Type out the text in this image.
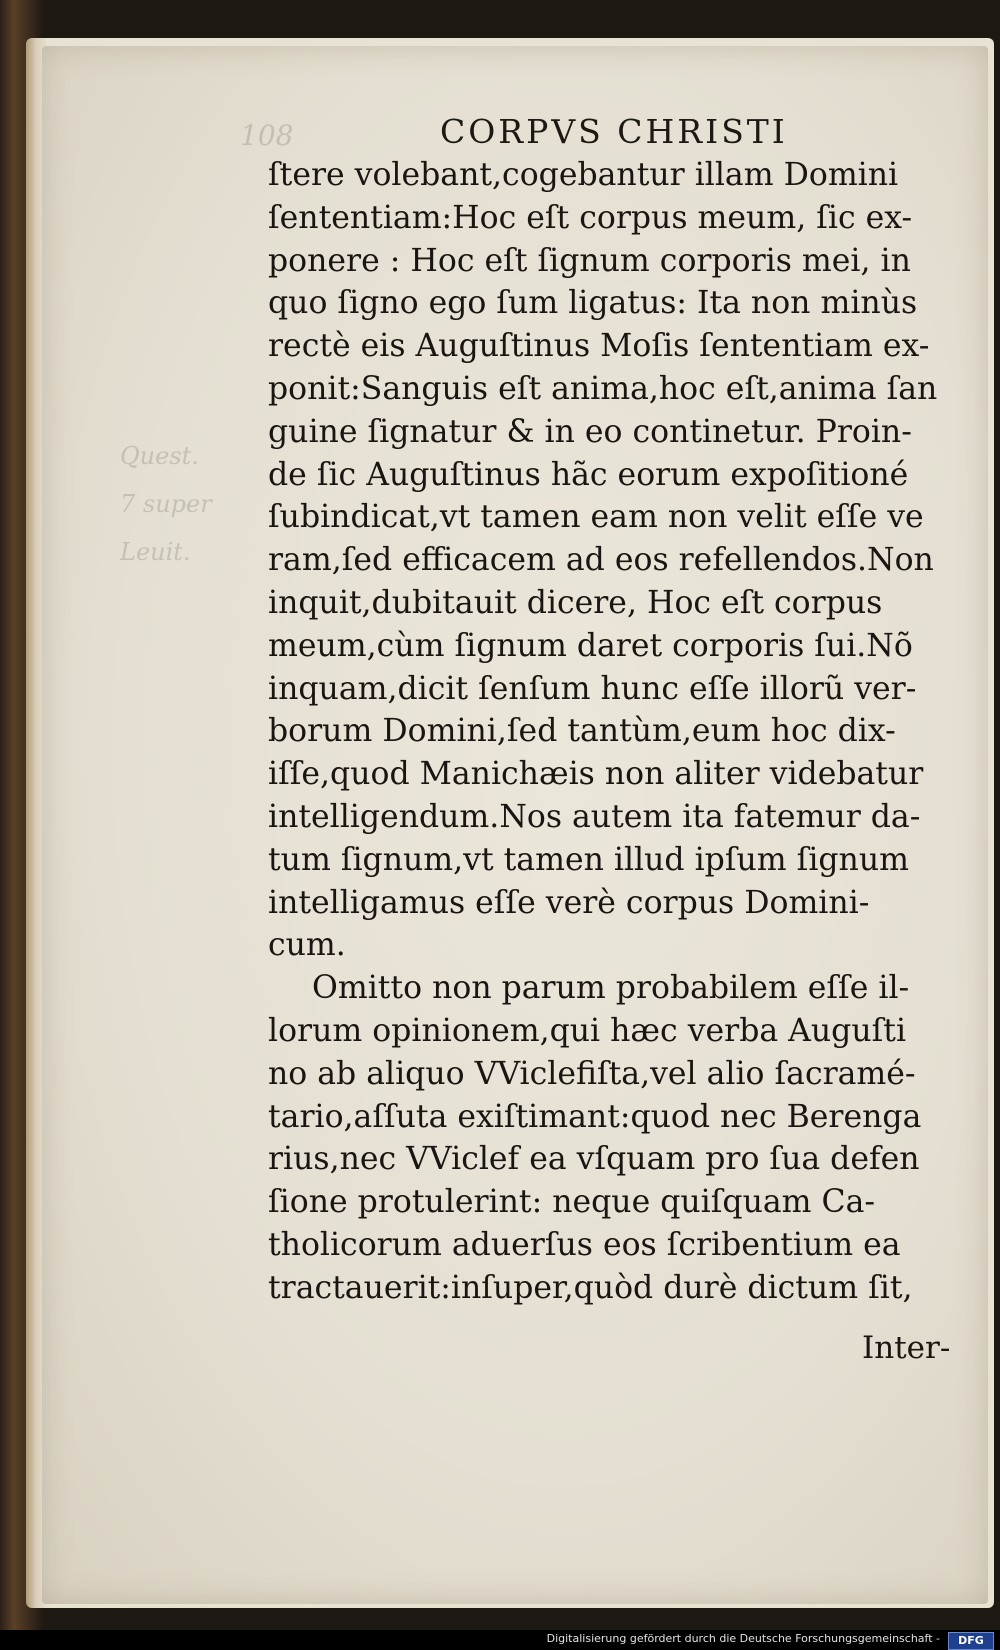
108
Quest.
7 super
Leuit.
CORPVS CHRISTI
ſtere volebant,cogebantur illam Domini
ſententiam:Hoc eſt corpus meum, ſic ex-
ponere : Hoc eſt ſignum corporis mei, in
quo ſigno ego ſum ligatus: Ita non minùs
rectè eis Auguſtinus Moſis ſententiam ex-
ponit:Sanguis eſt anima,hoc eſt,anima ſan
guine ſignatur & in eo continetur. Proin-
de ſic Auguſtinus hãc eorum expoſitioné
ſubindicat,vt tamen eam non velit eſſe ve
ram,ſed efficacem ad eos refellendos.Non
inquit,dubitauit dicere, Hoc eſt corpus
meum,cùm ſignum daret corporis ſui.Nõ
inquam,dicit ſenſum hunc eſſe illorũ ver-
borum Domini,ſed tantùm,eum hoc dix-
iſſe,quod Manichæis non aliter videbatur
intelligendum.Nos autem ita fatemur da-
tum ſignum,vt tamen illud ipſum ſignum
intelligamus eſſe verè corpus Domini-
cum.
Omitto non parum probabilem eſſe il-
lorum opinionem,qui hæc verba Auguſti
no ab aliquo VViclefiſta,vel alio ſacramé-
tario,aſſuta exiſtimant:quod nec Berenga
rius,nec VViclef ea vſquam pro ſua defen
ſione protulerint: neque quiſquam Ca-
tholicorum aduerſus eos ſcribentium ea
tractauerit:inſuper,quòd durè dictum ſit,
Inter-
Digitalisierung gefördert durch die Deutsche Forschungsgemeinschaft -	DFG
